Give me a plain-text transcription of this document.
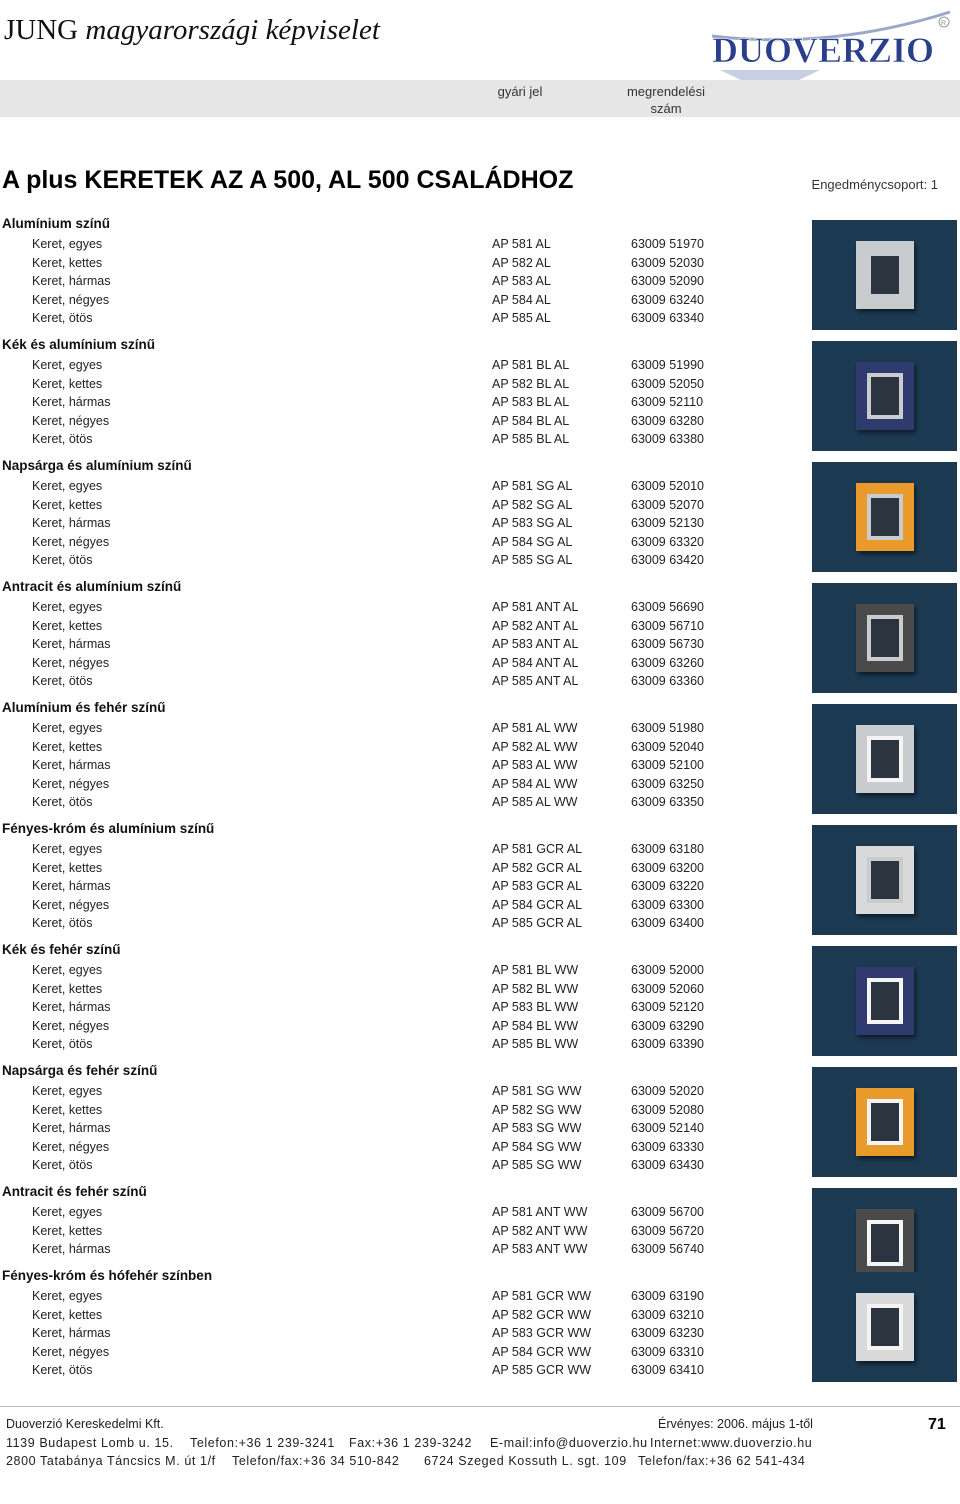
JUNG magyarországi képviselet	DUOVERZIO
R
gyári jel	megrendelési
szám
A plus KERETEK AZ A 500, AL 500 CSALÁDHOZ	Engedménycsoport: 1
Alumínium színű
Keret, egyes	AP 581 AL	63009 51970
Keret, kettes	AP 582 AL	63009 52030
Keret, hármas	AP 583 AL	63009 52090
Keret, négyes	AP 584 AL	63009 63240
Keret, ötös	AP 585 AL	63009 63340
Kék és alumínium színű
Keret, egyes	AP 581 BL AL	63009 51990
Keret, kettes	AP 582 BL AL	63009 52050
Keret, hármas	AP 583 BL AL	63009 52110
Keret, négyes	AP 584 BL AL	63009 63280
Keret, ötös	AP 585 BL AL	63009 63380
Napsárga és alumínium színű
Keret, egyes	AP 581 SG AL	63009 52010
Keret, kettes	AP 582 SG AL	63009 52070
Keret, hármas	AP 583 SG AL	63009 52130
Keret, négyes	AP 584 SG AL	63009 63320
Keret, ötös	AP 585 SG AL	63009 63420
Antracit és alumínium színű
Keret, egyes	AP 581 ANT AL	63009 56690
Keret, kettes	AP 582 ANT AL	63009 56710
Keret, hármas	AP 583 ANT AL	63009 56730
Keret, négyes	AP 584 ANT AL	63009 63260
Keret, ötös	AP 585 ANT AL	63009 63360
Alumínium és fehér színű
Keret, egyes	AP 581 AL WW	63009 51980
Keret, kettes	AP 582 AL WW	63009 52040
Keret, hármas	AP 583 AL WW	63009 52100
Keret, négyes	AP 584 AL WW	63009 63250
Keret, ötös	AP 585 AL WW	63009 63350
Fényes-króm és alumínium színű
Keret, egyes	AP 581 GCR AL	63009 63180
Keret, kettes	AP 582 GCR AL	63009 63200
Keret, hármas	AP 583 GCR AL	63009 63220
Keret, négyes	AP 584 GCR AL	63009 63300
Keret, ötös	AP 585 GCR AL	63009 63400
Kék és fehér színű
Keret, egyes	AP 581 BL WW	63009 52000
Keret, kettes	AP 582 BL WW	63009 52060
Keret, hármas	AP 583 BL WW	63009 52120
Keret, négyes	AP 584 BL WW	63009 63290
Keret, ötös	AP 585 BL WW	63009 63390
Napsárga és fehér színű
Keret, egyes	AP 581 SG WW	63009 52020
Keret, kettes	AP 582 SG WW	63009 52080
Keret, hármas	AP 583 SG WW	63009 52140
Keret, négyes	AP 584 SG WW	63009 63330
Keret, ötös	AP 585 SG WW	63009 63430
Antracit és fehér színű
Keret, egyes	AP 581 ANT WW	63009 56700
Keret, kettes	AP 582 ANT WW	63009 56720
Keret, hármas	AP 583 ANT WW	63009 56740
Fényes-króm és hófehér színben
Keret, egyes	AP 581 GCR WW	63009 63190
Keret, kettes	AP 582 GCR WW	63009 63210
Keret, hármas	AP 583 GCR WW	63009 63230
Keret, négyes	AP 584 GCR WW	63009 63310
Keret, ötös	AP 585 GCR WW	63009 63410
Duoverzió Kereskedelmi Kft.	Érvényes: 2006. május 1-től	71
1139 Budapest Lomb u. 15. Telefon:+36 1 239-3241 Fax:+36 1 239-3242 E-mail:info@duoverzio.hu Internet:www.duoverzio.hu
2800 Tatabánya Táncsics M. út 1/f Telefon/fax:+36 34 510-842 6724 Szeged Kossuth L. sgt. 109 Telefon/fax:+36 62 541-434
